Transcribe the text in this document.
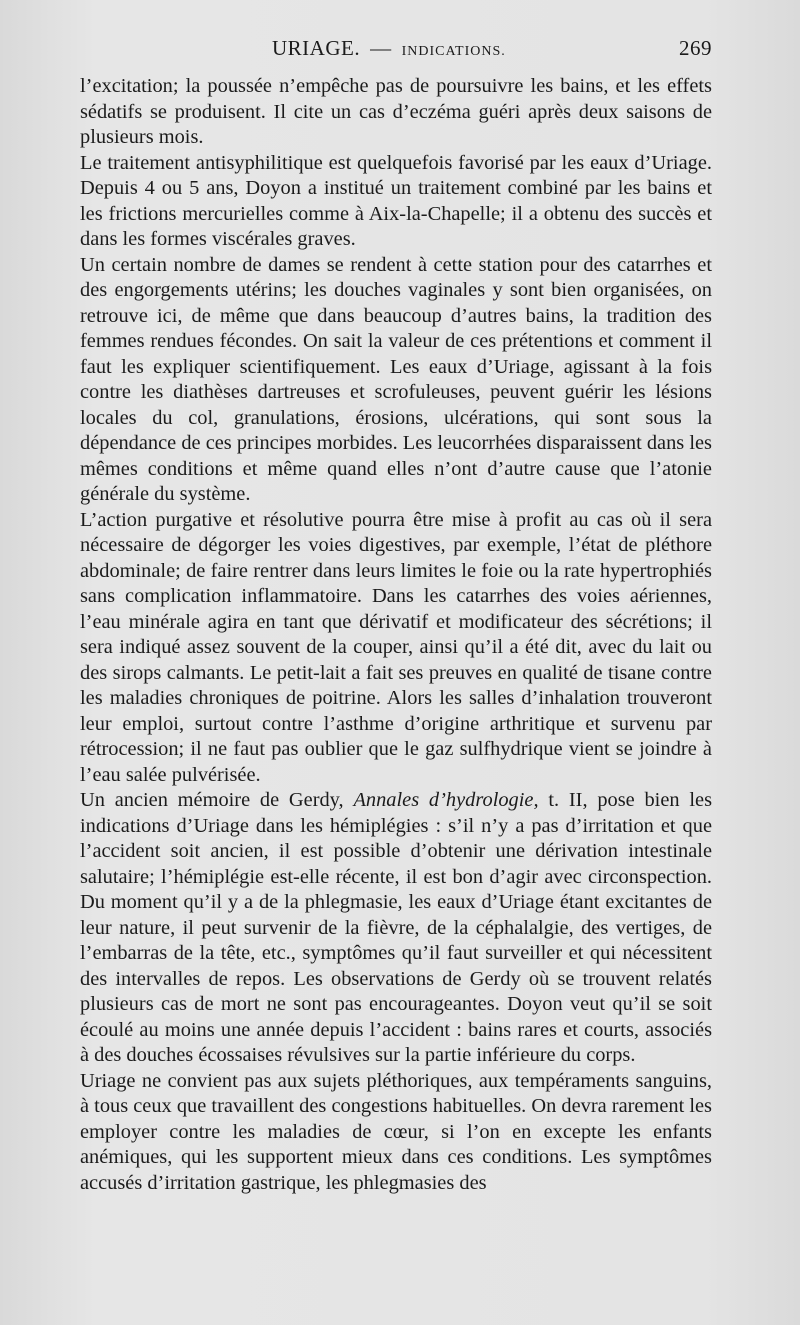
URIAGE. — INDICATIONS.	269

l’excitation; la poussée n’empêche pas de poursuivre les bains, et les effets sédatifs se produisent. Il cite un cas d’eczéma guéri après deux saisons de plusieurs mois.

Le traitement antisyphilitique est quelquefois favorisé par les eaux d’Uriage. Depuis 4 ou 5 ans, Doyon a institué un traitement combiné par les bains et les frictions mercurielles comme à Aix-la-Chapelle; il a obtenu des succès et dans les formes viscérales graves.

Un certain nombre de dames se rendent à cette station pour des catarrhes et des engorgements utérins; les douches vaginales y sont bien organisées, on retrouve ici, de même que dans beaucoup d’autres bains, la tradition des femmes rendues fécondes. On sait la valeur de ces prétentions et comment il faut les expliquer scientifiquement. Les eaux d’Uriage, agissant à la fois contre les diathèses dartreuses et scrofuleuses, peuvent guérir les lésions locales du col, granulations, érosions, ulcérations, qui sont sous la dépendance de ces principes morbides. Les leucorrhées disparaissent dans les mêmes conditions et même quand elles n’ont d’autre cause que l’atonie générale du système.

L’action purgative et résolutive pourra être mise à profit au cas où il sera nécessaire de dégorger les voies digestives, par exemple, l’état de pléthore abdominale; de faire rentrer dans leurs limites le foie ou la rate hypertrophiés sans complication inflammatoire. Dans les catarrhes des voies aériennes, l’eau minérale agira en tant que dérivatif et modificateur des sécrétions; il sera indiqué assez souvent de la couper, ainsi qu’il a été dit, avec du lait ou des sirops calmants. Le petit-lait a fait ses preuves en qualité de tisane contre les maladies chroniques de poitrine. Alors les salles d’inhalation trouveront leur emploi, surtout contre l’asthme d’origine arthritique et survenu par rétrocession; il ne faut pas oublier que le gaz sulfhydrique vient se joindre à l’eau salée pulvérisée.

Un ancien mémoire de Gerdy, Annales d’hydrologie, t. II, pose bien les indications d’Uriage dans les hémiplégies : s’il n’y a pas d’irritation et que l’accident soit ancien, il est possible d’obtenir une dérivation intestinale salutaire; l’hémiplégie est-elle récente, il est bon d’agir avec circonspection. Du moment qu’il y a de la phlegmasie, les eaux d’Uriage étant excitantes de leur nature, il peut survenir de la fièvre, de la céphalalgie, des vertiges, de l’embarras de la tête, etc., symptômes qu’il faut surveiller et qui nécessitent des intervalles de repos. Les observations de Gerdy où se trouvent relatés plusieurs cas de mort ne sont pas encourageantes. Doyon veut qu’il se soit écoulé au moins une année depuis l’accident : bains rares et courts, associés à des douches écossaises révulsives sur la partie inférieure du corps.

Uriage ne convient pas aux sujets pléthoriques, aux tempéraments sanguins, à tous ceux que travaillent des congestions habituelles. On devra rarement les employer contre les maladies de cœur, si l’on en excepte les enfants anémiques, qui les supportent mieux dans ces conditions. Les symptômes accusés d’irritation gastrique, les phlegmasies des
